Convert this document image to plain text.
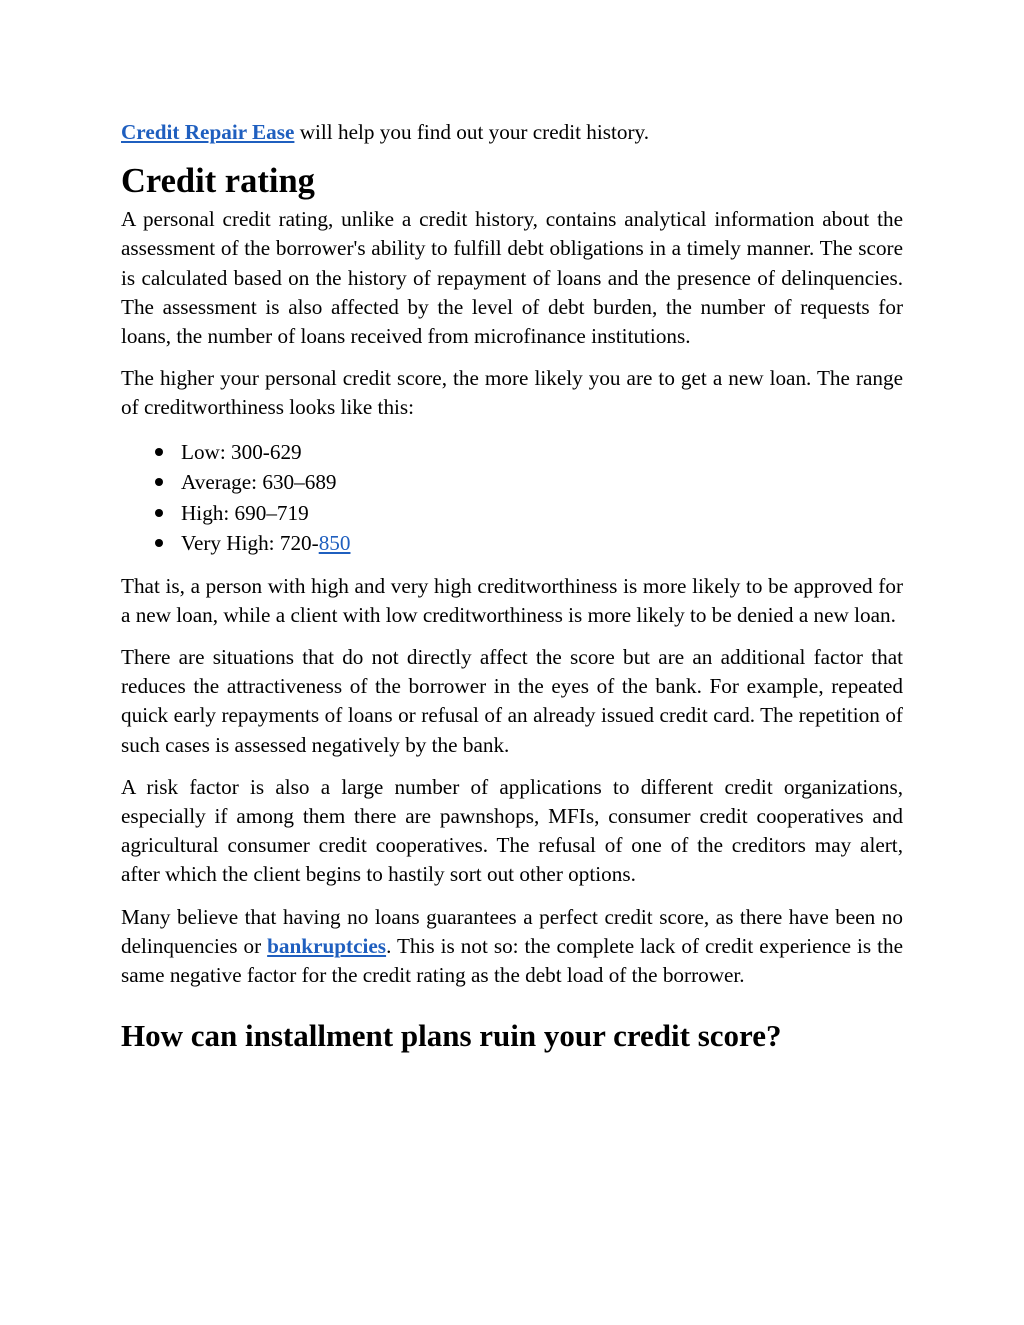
Credit Repair Ease will help you find out your credit history.

Credit rating

A personal credit rating, unlike a credit history, contains analytical information about the assessment of the borrower's ability to fulfill debt obligations in a timely manner. The score is calculated based on the history of repayment of loans and the presence of delinquencies. The assessment is also affected by the level of debt burden, the number of requests for loans, the number of loans received from microfinance institutions.

The higher your personal credit score, the more likely you are to get a new loan. The range of creditworthiness looks like this:

Low: 300-629
Average: 630–689
High: 690–719
Very High: 720-850

That is, a person with high and very high creditworthiness is more likely to be approved for a new loan, while a client with low creditworthiness is more likely to be denied a new loan.

There are situations that do not directly affect the score but are an additional factor that reduces the attractiveness of the borrower in the eyes of the bank. For example, repeated quick early repayments of loans or refusal of an already issued credit card. The repetition of such cases is assessed negatively by the bank.

A risk factor is also a large number of applications to different credit organizations, especially if among them there are pawnshops, MFIs, consumer credit cooperatives and agricultural consumer credit cooperatives. The refusal of one of the creditors may alert, after which the client begins to hastily sort out other options.

Many believe that having no loans guarantees a perfect credit score, as there have been no delinquencies or bankruptcies. This is not so: the complete lack of credit experience is the same negative factor for the credit rating as the debt load of the borrower.

How can installment plans ruin your credit score?
